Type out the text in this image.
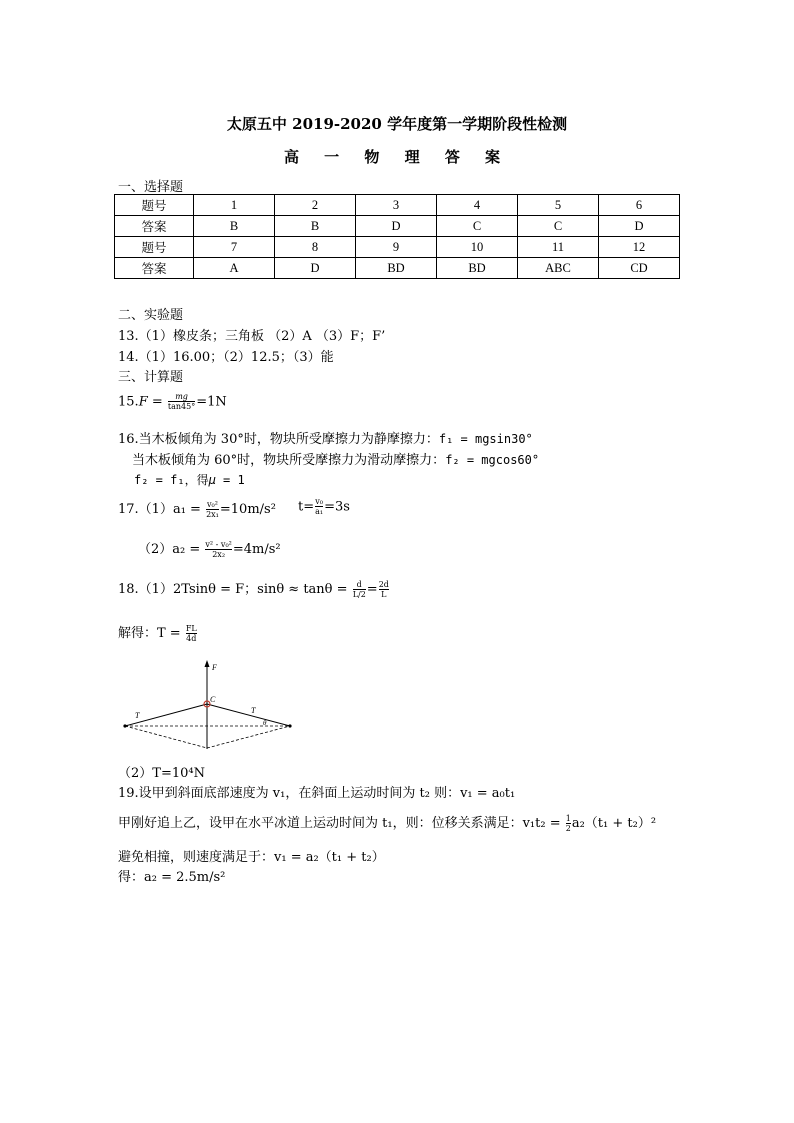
太原五中 2019-2020 学年度第一学期阶段性检测
高 一 物 理 答 案
一、选择题
题号	1	2	3	4	5	6
答案	B	B	D	C	C	D
题号	7	8	9	10	11	12
答案	A	D	BD	BD	ABC	CD
二、实验题
13.（1）橡皮条；三角板 （2）A （3）F；F’
14.（1）16.00；（2）12.5；（3）能
三、计算题
$15.F = \frac{mg}{\tan 45^\circ} =1N$
16.当木板倾角为 30°时，物块所受摩擦力为静摩擦力：f₁ = mgsin30°
当木板倾角为 60°时，物块所受摩擦力为滑动摩擦力：f₂ = mgcos60°
f₂ = f₁，得μ = 1
$17.(1)a_1 = \frac{\text{v₀²}}{\text{2x₁}} =10m/s^2$ $t= \frac{\text{v₀}}{\text{a₁}} =3s$
$(2)a_2 = \frac{\text{v² - v₀²}}{\text{2x₂}} =4m/s^2$
18.（1）2Tsinθ = F；$\sin\theta \approx \tan\theta = \frac{d}{L/2} = \frac{2d}{L}$
解得：$T = \frac{FL}{4d}$
F
C
T
T
θ
（2）T=10⁴N
19.设甲到斜面底部速度为 v₁，在斜面上运动时间为 t₂ 则：v₁ = a₀t₁
甲刚好追上乙，设甲在水平冰道上运动时间为 t₁，则：位移关系满足：$v_1t_2 = \frac{1}{2} a_2(t_1 + t_2)^2$
避免相撞，则速度满足于：v₁ = a₂（t₁ + t₂）
得：a₂ = 2.5m/s²
